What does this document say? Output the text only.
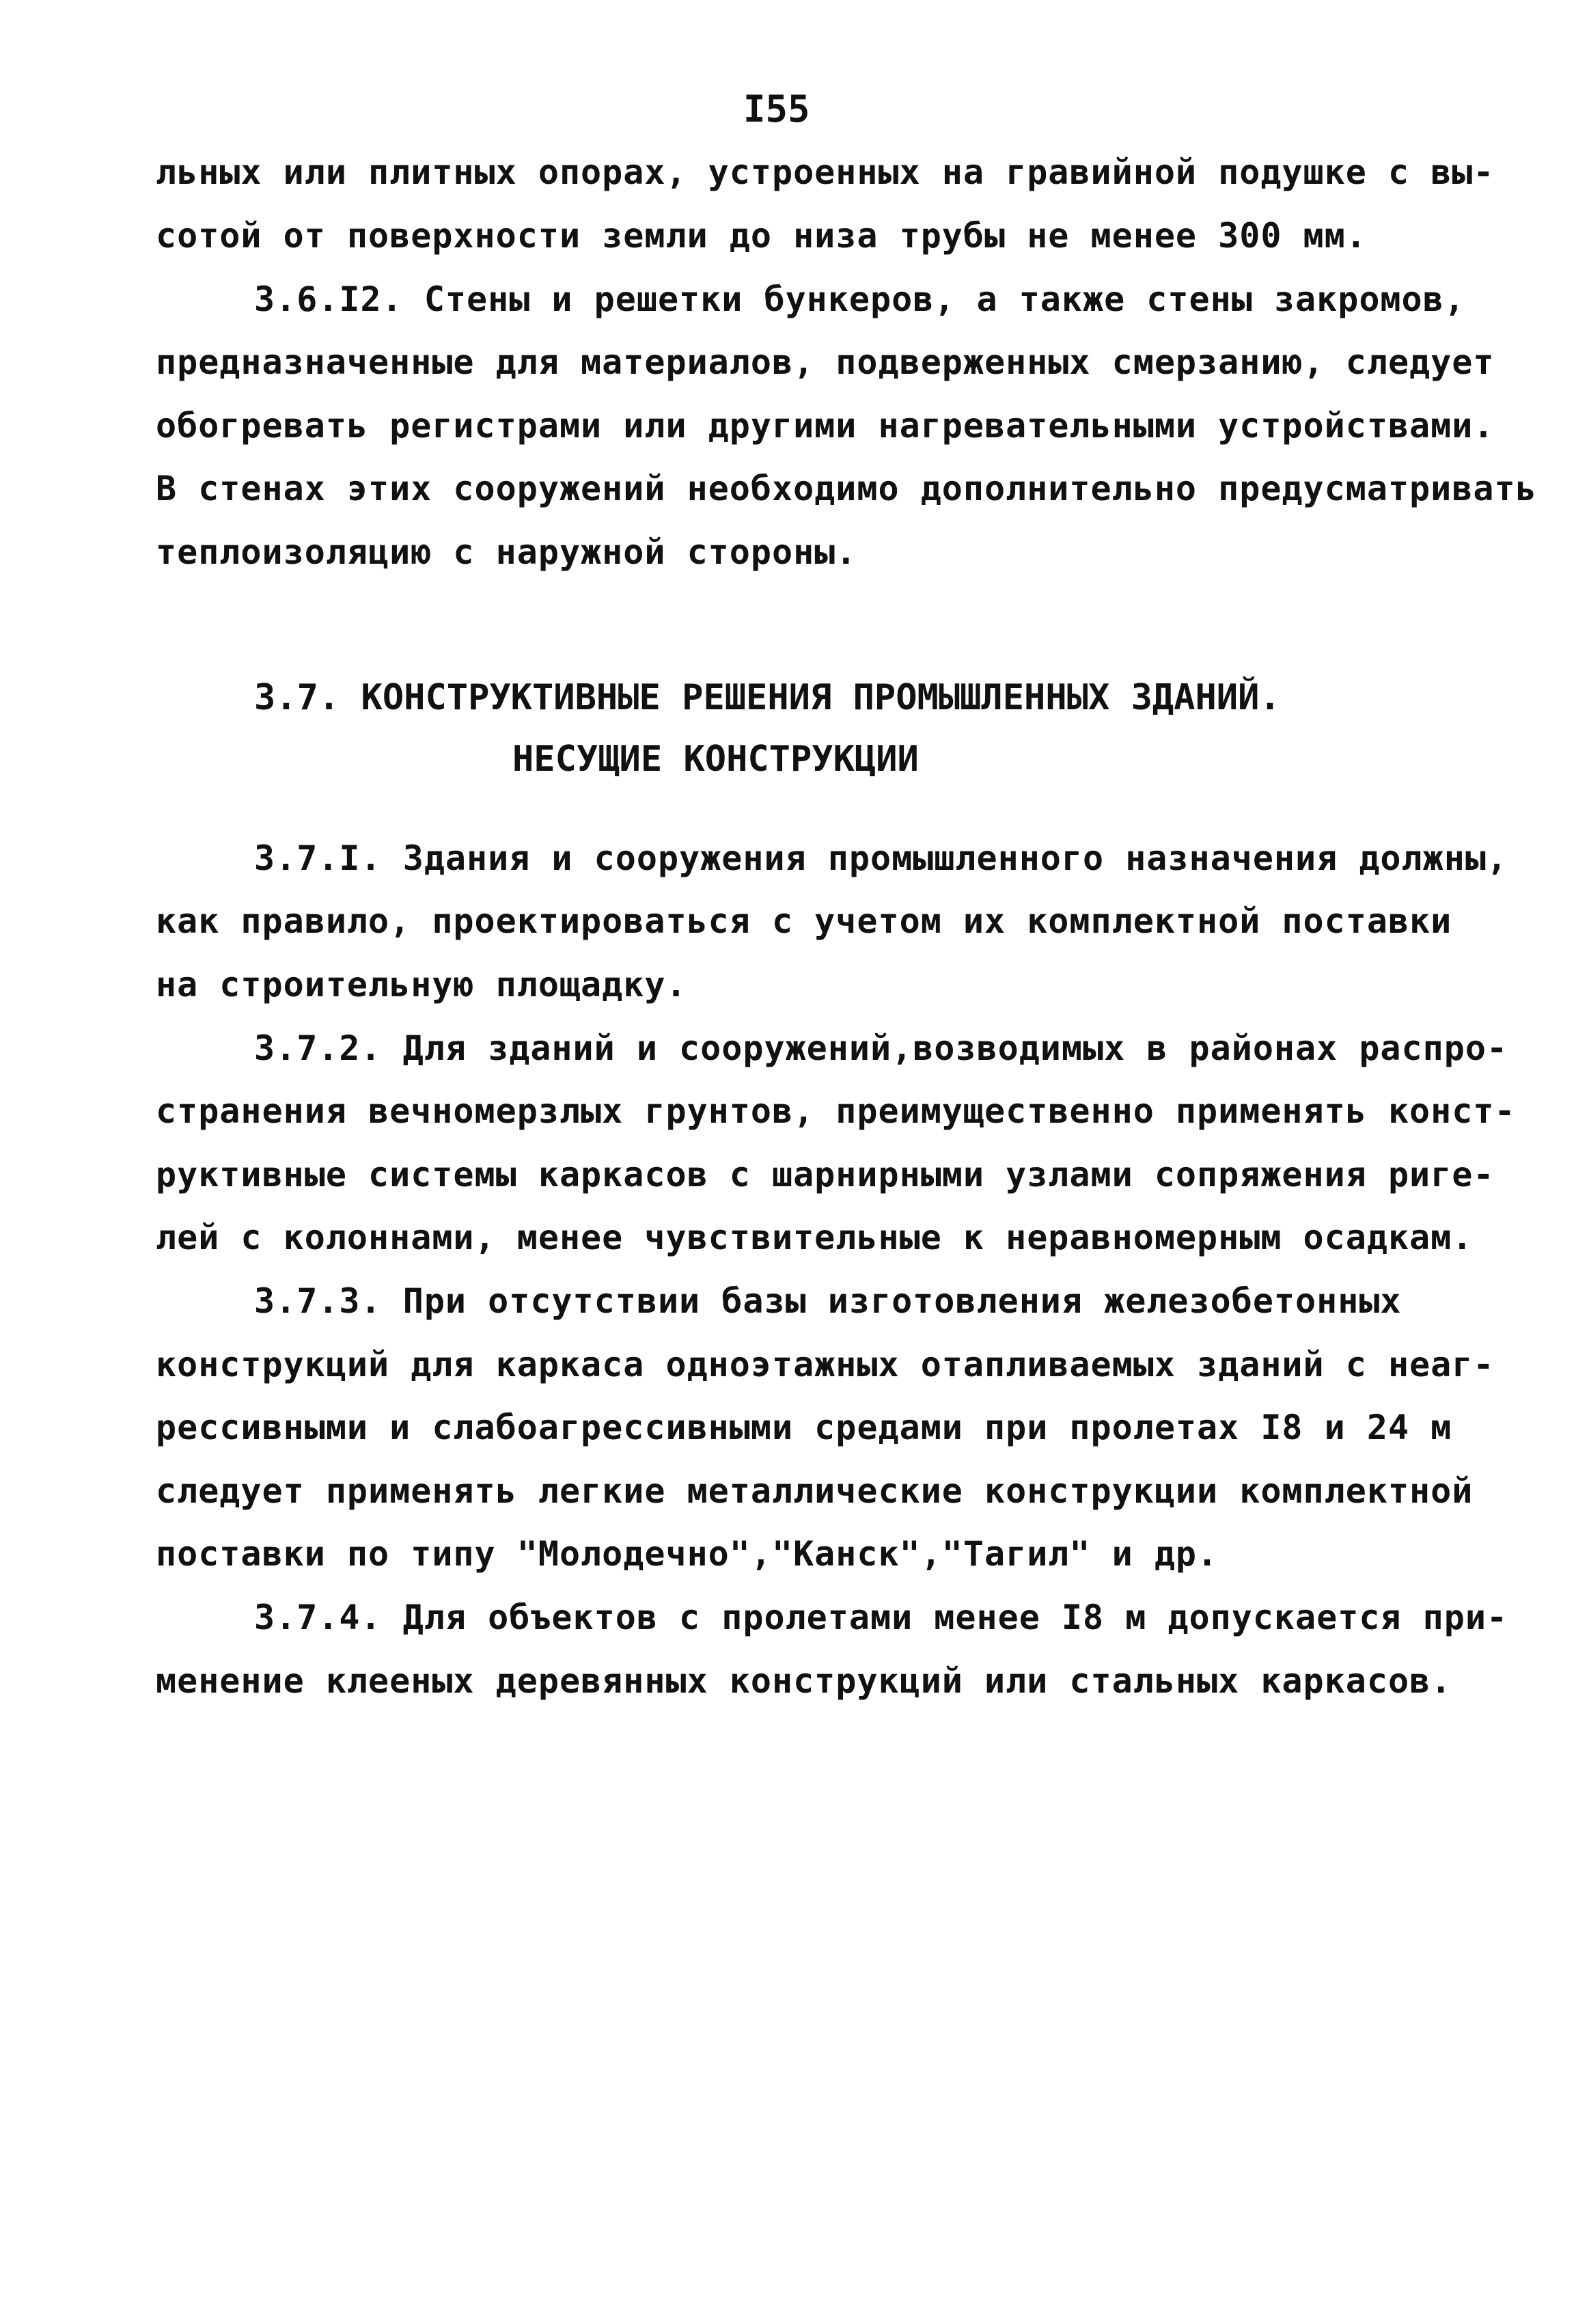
I55
льных или плитных опорах, устроенных на гравийной подушке с вы-
сотой от поверхности земли до низа трубы не менее 300 мм.
3.6.I2. Стены и решетки бункеров, а также стены закромов,
предназначенные для материалов, подверженных смерзанию, следует
обогревать регистрами или другими нагревательными устройствами.
В стенах этих сооружений необходимо дополнительно предусматривать
теплоизоляцию с наружной стороны.
3.7. КОНСТРУКТИВНЫЕ РЕШЕНИЯ ПРОМЫШЛЕННЫХ ЗДАНИЙ.
НЕСУЩИЕ КОНСТРУКЦИИ
3.7.I. Здания и сооружения промышленного назначения должны,
как правило, проектироваться с учетом их комплектной поставки
на строительную площадку.
3.7.2. Для зданий и сооружений,возводимых в районах распро-
странения вечномерзлых грунтов, преимущественно применять конст-
руктивные системы каркасов с шарнирными узлами сопряжения риге-
лей с колоннами, менее чувствительные к неравномерным осадкам.
3.7.3. При отсутствии базы изготовления железобетонных
конструкций для каркаса одноэтажных отапливаемых зданий с неаг-
рессивными и слабоагрессивными средами при пролетах I8 и 24 м
следует применять легкие металлические конструкции комплектной
поставки по типу "Молодечно","Канск","Тагил" и др.
3.7.4. Для объектов с пролетами менее I8 м допускается при-
менение клееных деревянных конструкций или стальных каркасов.
